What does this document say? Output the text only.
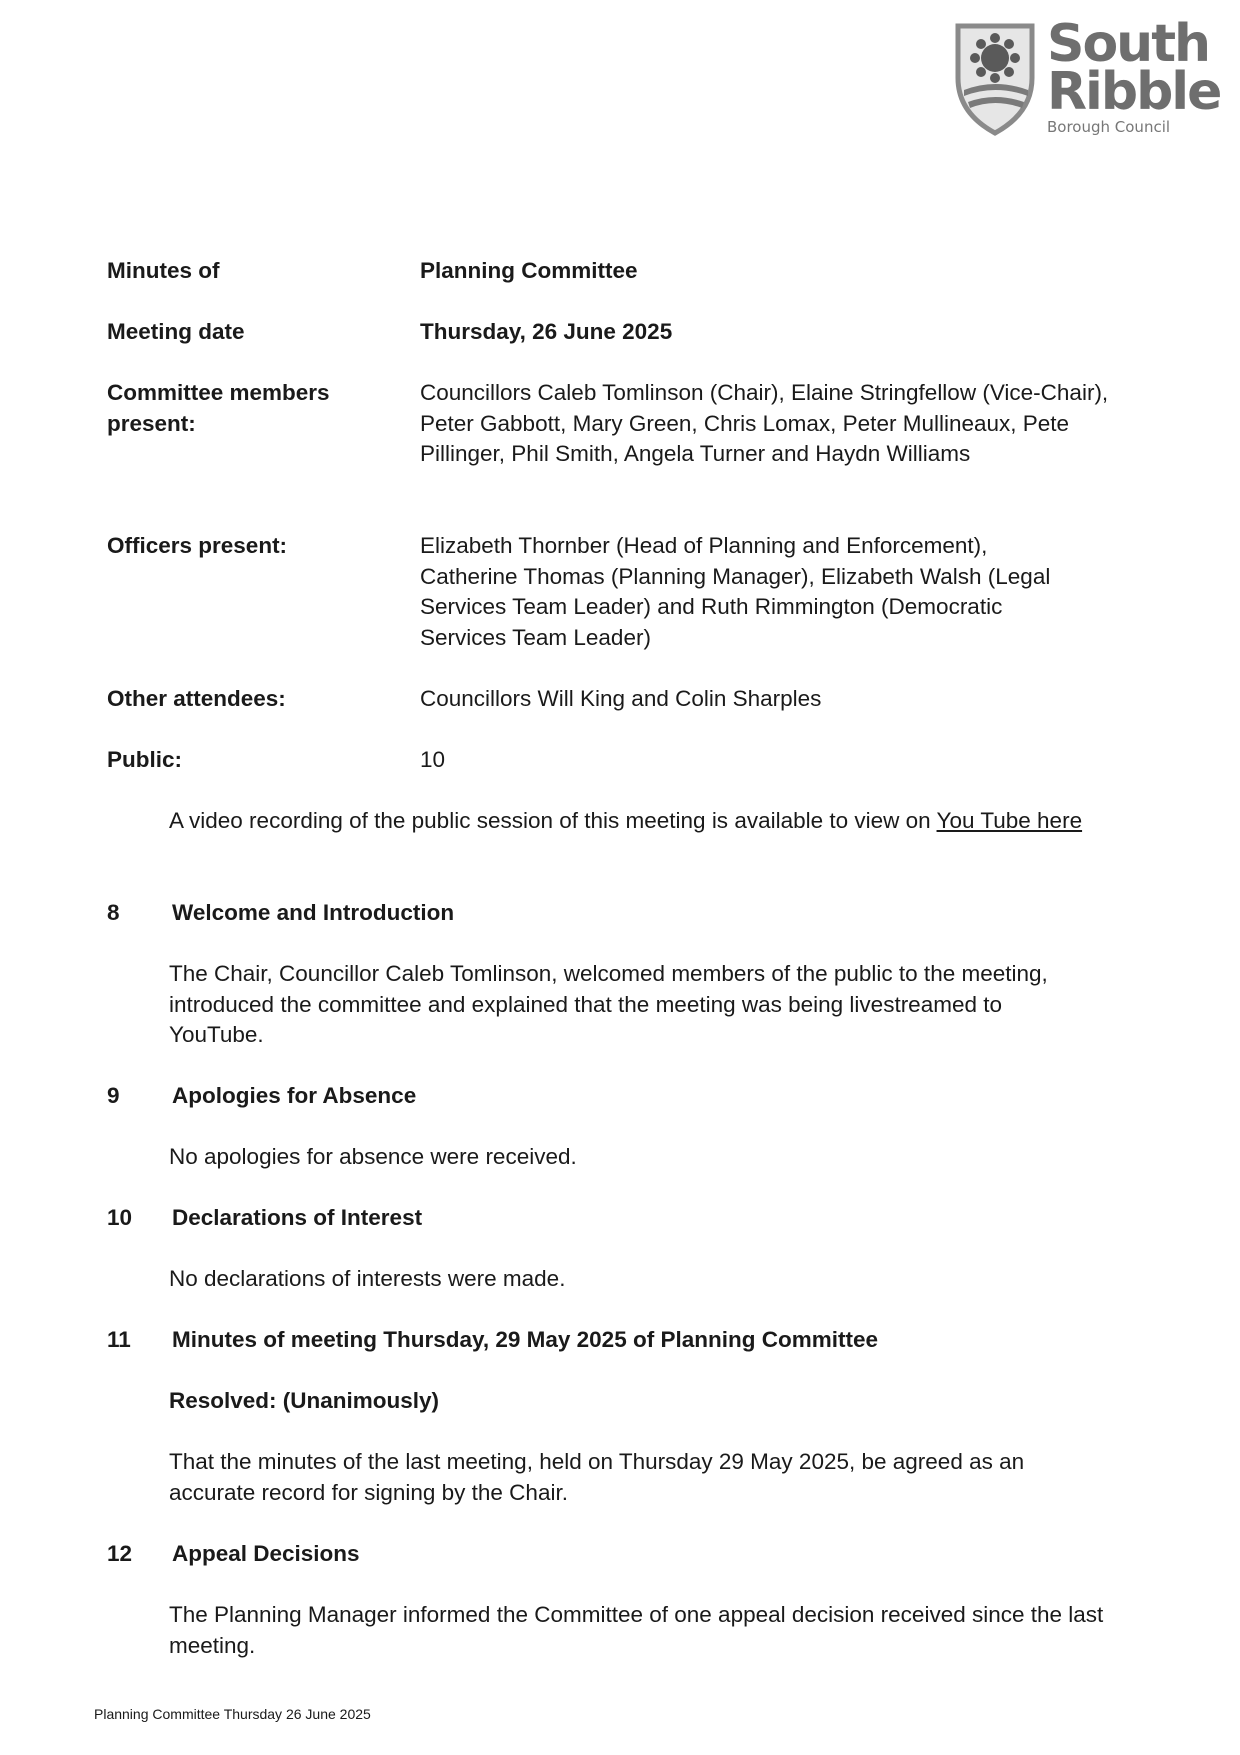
South
Ribble
Borough Council
Minutes of	Planning Committee
Meeting date	Thursday, 26 June 2025
Committee members present:
Councillors Caleb Tomlinson (Chair), Elaine Stringfellow (Vice-Chair), Peter Gabbott, Mary Green, Chris Lomax, Peter Mullineaux, Pete Pillinger, Phil Smith, Angela Turner and Haydn Williams
Officers present:	Elizabeth Thornber (Head of Planning and Enforcement), Catherine Thomas (Planning Manager), Elizabeth Walsh (Legal Services Team Leader) and Ruth Rimmington (Democratic Services Team Leader)
Other attendees:	Councillors Will King and Colin Sharples
Public:	10
A video recording of the public session of this meeting is available to view on You Tube here
8 Welcome and Introduction
The Chair, Councillor Caleb Tomlinson, welcomed members of the public to the meeting, introduced the committee and explained that the meeting was being livestreamed to YouTube.
9 Apologies for Absence
No apologies for absence were received.
10 Declarations of Interest
No declarations of interests were made.
11 Minutes of meeting Thursday, 29 May 2025 of Planning Committee
Resolved: (Unanimously)
That the minutes of the last meeting, held on Thursday 29 May 2025, be agreed as an accurate record for signing by the Chair.
12 Appeal Decisions
The Planning Manager informed the Committee of one appeal decision received since the last meeting.
Planning Committee Thursday 26 June 2025
